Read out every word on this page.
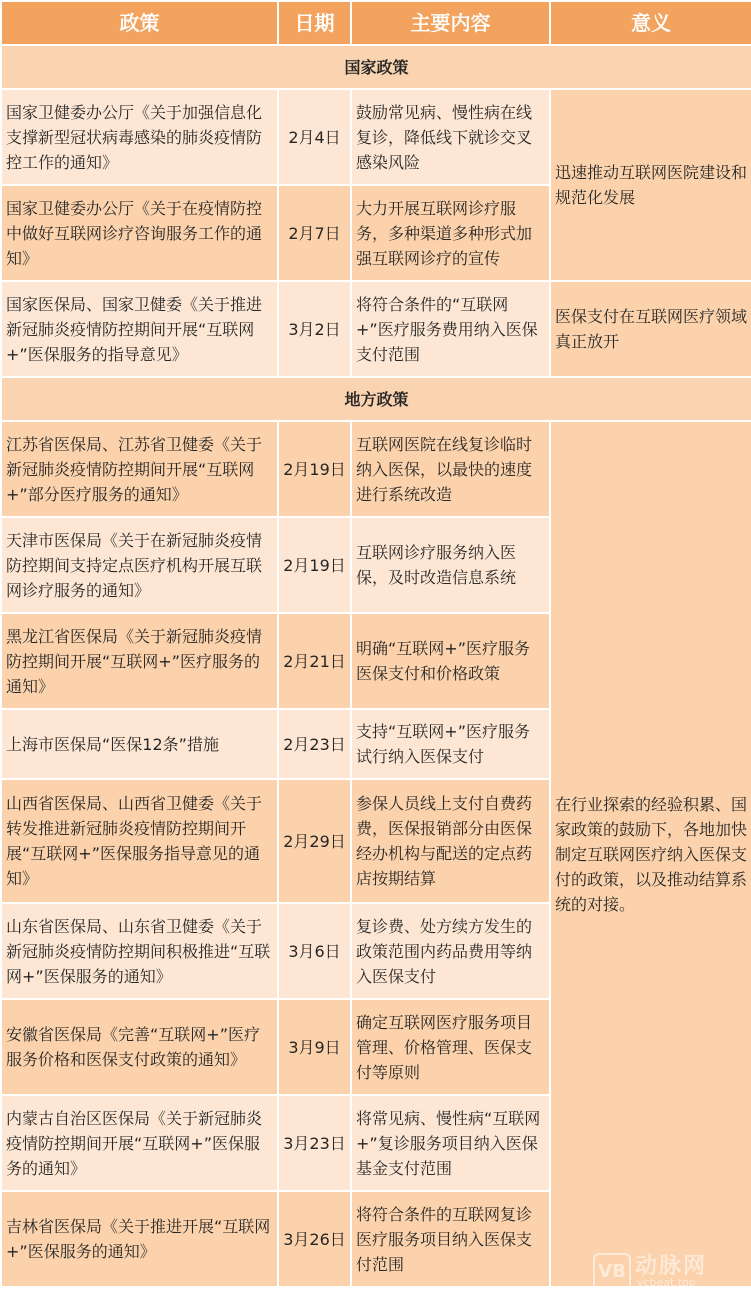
政策	日期	主要内容	意义
国家政策			
国家卫健委办公厅《关于加强信息化支撑新型冠状病毒感染的肺炎疫情防控工作的通知》	2月4日	鼓励常见病、慢性病在线复诊，降低线下就诊交叉感染风险	迅速推动互联网医院建设和规范化发展
国家卫健委办公厅《关于在疫情防控中做好互联网诊疗咨询服务工作的通知》	2月7日	大力开展互联网诊疗服务，多种渠道多种形式加强互联网诊疗的宣传	
国家医保局、国家卫健委《关于推进新冠肺炎疫情防控期间开展“互联网+”医保服务的指导意见》	3月2日	将符合条件的“互联网+”医疗服务费用纳入医保支付范围	医保支付在互联网医疗领域真正放开
地方政策			
江苏省医保局、江苏省卫健委《关于新冠肺炎疫情防控期间开展“互联网+”部分医疗服务的通知》	2月19日	互联网医院在线复诊临时纳入医保，以最快的速度进行系统改造	在行业探索的经验积累、国家政策的鼓励下，各地加快制定互联网医疗纳入医保支付的政策，以及推动结算系统的对接。
天津市医保局《关于在新冠肺炎疫情防控期间支持定点医疗机构开展互联网诊疗服务的通知》	2月19日	互联网诊疗服务纳入医保，及时改造信息系统	
黑龙江省医保局《关于新冠肺炎疫情防控期间开展“互联网+”医疗服务的通知》	2月21日	明确“互联网+”医疗服务医保支付和价格政策	
上海市医保局“医保12条”措施	2月23日	支持“互联网+”医疗服务试行纳入医保支付	
山西省医保局、山西省卫健委《关于转发推进新冠肺炎疫情防控期间开展“互联网+”医保服务指导意见的通知》	2月29日	参保人员线上支付自费药费，医保报销部分由医保经办机构与配送的定点药店按期结算	
山东省医保局、山东省卫健委《关于新冠肺炎疫情防控期间积极推进“互联网+”医保服务的通知》	3月6日	复诊费、处方续方发生的政策范围内药品费用等纳入医保支付	
安徽省医保局《完善“互联网+”医疗服务价格和医保支付政策的通知》	3月9日	确定互联网医疗服务项目管理、价格管理、医保支付等原则	
内蒙古自治区医保局《关于新冠肺炎疫情防控期间开展“互联网+”医保服务的通知》	3月23日	将常见病、慢性病“互联网+”复诊服务项目纳入医保基金支付范围	
吉林省医保局《关于推进开展“互联网+”医保服务的通知》	3月26日	将符合条件的互联网复诊医疗服务项目纳入医保支付范围		VB 动脉网
vcbeat.top
